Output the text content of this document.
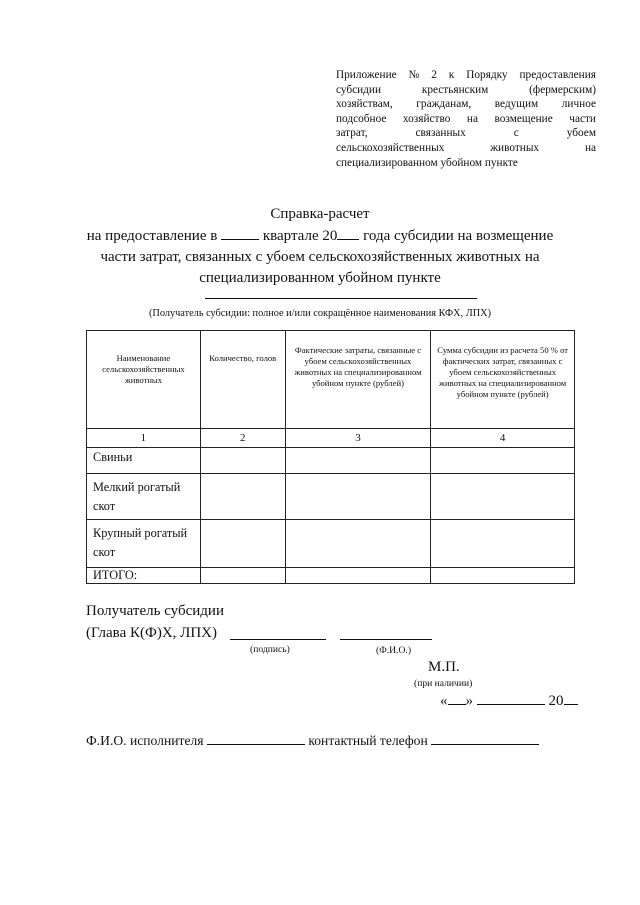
Приложение № 2 к Порядку предоставления
субсидии	крестьянским	(фермерским)
хозяйствам, гражданам, ведущим личное
подсобное хозяйство на возмещение части
затрат,	связанных	с	убоем
сельскохозяйственных	животных	на
специализированном убойном пункте
Справка-расчет
на предоставление в	квартале 20 года субсидии на возмещение
части затрат, связанных с убоем сельскохозяйственных животных на
специализированном убойном пункте
(Получатель субсидии: полное и/или сокращённое наименования КФХ, ЛПХ)
Наименование сельскохозяйственных животных	Количество, голов	Фактические затраты, связанные с убоем сельскохозяйственных животных на специализированном убойном пункте (рублей)	Сумма субсидии из расчета 50 % от фактических затрат, связанных с убоем сельскохозяйственных животных на специализированном убойном пункте (рублей)

1	2	3	4
Свиньи			
Мелкий рогатый скот			
Крупный рогатый скот			
ИТОГО:			
Получатель субсидии
(Глава К(Ф)Х, ЛПХ)
(подпись)	(Ф.И.О.)
М.П.
(при наличии)
« »	20
Ф.И.О. исполнителя	контактный телефон
